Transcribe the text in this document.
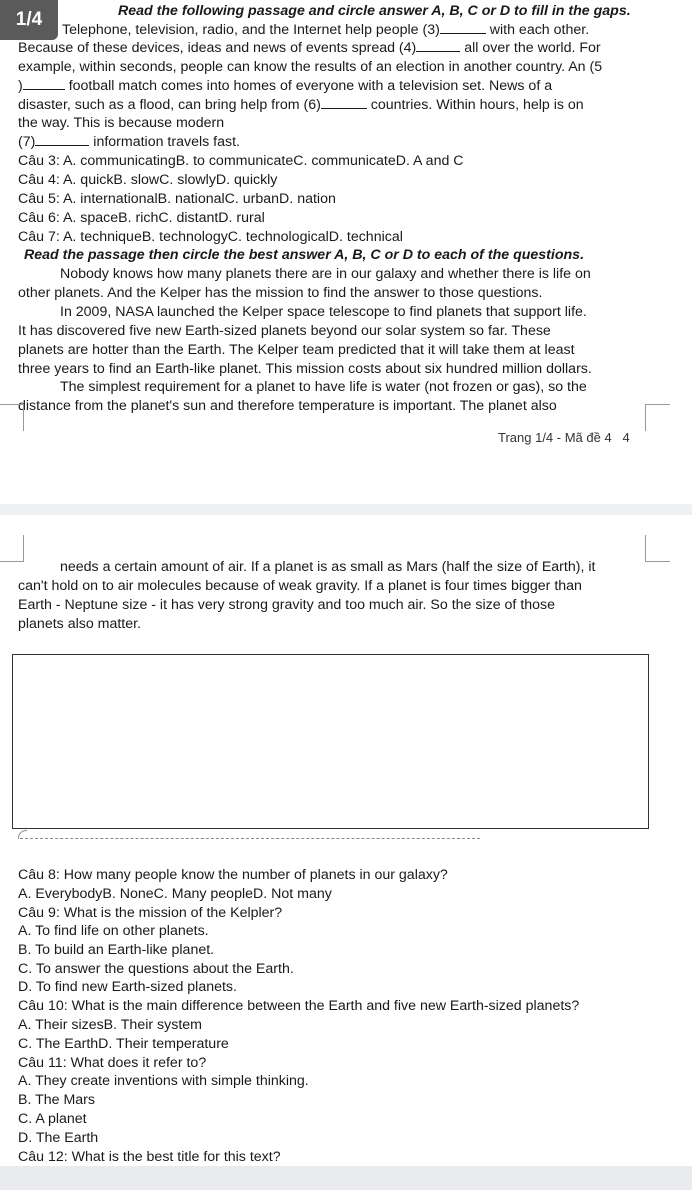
Read the following passage and circle answer A, B, C or D to fill in the gaps.
1/4	Telephone, television, radio, and the Internet help people (3)	with each other.
Because of these devices, ideas and news of events spread (4)	all over the world. For
example, within seconds, people can know the results of an election in another country. An (5
)	football match comes into homes of everyone with a television set. News of a
disaster, such as a flood, can bring help from (6)	countries. Within hours, help is on
the way. This is because modern
(7)	information travels fast.
Câu 3: A. communicatingB. to communicateC. communicateD. A and C
Câu 4: A. quickB. slowC. slowlyD. quickly
Câu 5: A. internationalB. nationalC. urbanD. nation
Câu 6: A. spaceB. richC. distantD. rural
Câu 7: A. techniqueB. technologyC. technologicalD. technical
Read the passage then circle the best answer A, B, C or D to each of the questions.
Nobody knows how many planets there are in our galaxy and whether there is life on
other planets. And the Kelper has the mission to find the answer to those questions.
In 2009, NASA launched the Kelper space telescope to find planets that support life.
It has discovered five new Earth-sized planets beyond our solar system so far. These
planets are hotter than the Earth. The Kelper team predicted that it will take them at least
three years to find an Earth-like planet. This mission costs about six hundred million dollars.
The simplest requirement for a planet to have life is water (not frozen or gas), so the
distance from the planet's sun and therefore temperature is important. The planet also
Trang 1/4 - Mã đề 4 4
needs a certain amount of air. If a planet is as small as Mars (half the size of Earth), it
can't hold on to air molecules because of weak gravity. If a planet is four times bigger than
Earth - Neptune size - it has very strong gravity and too much air. So the size of those
planets also matter.
Câu 8: How many people know the number of planets in our galaxy?
A. EverybodyB. NoneC. Many peopleD. Not many
Câu 9: What is the mission of the Kelpler?
A. To find life on other planets.
B. To build an Earth-like planet.
C. To answer the questions about the Earth.
D. To find new Earth-sized planets.
Câu 10: What is the main difference between the Earth and five new Earth-sized planets?
A. Their sizesB. Their system
C. The EarthD. Their temperature
Câu 11: What does it refer to?
A. They create inventions with simple thinking.
B. The Mars
C. A planet
D. The Earth
Câu 12: What is the best title for this text?
